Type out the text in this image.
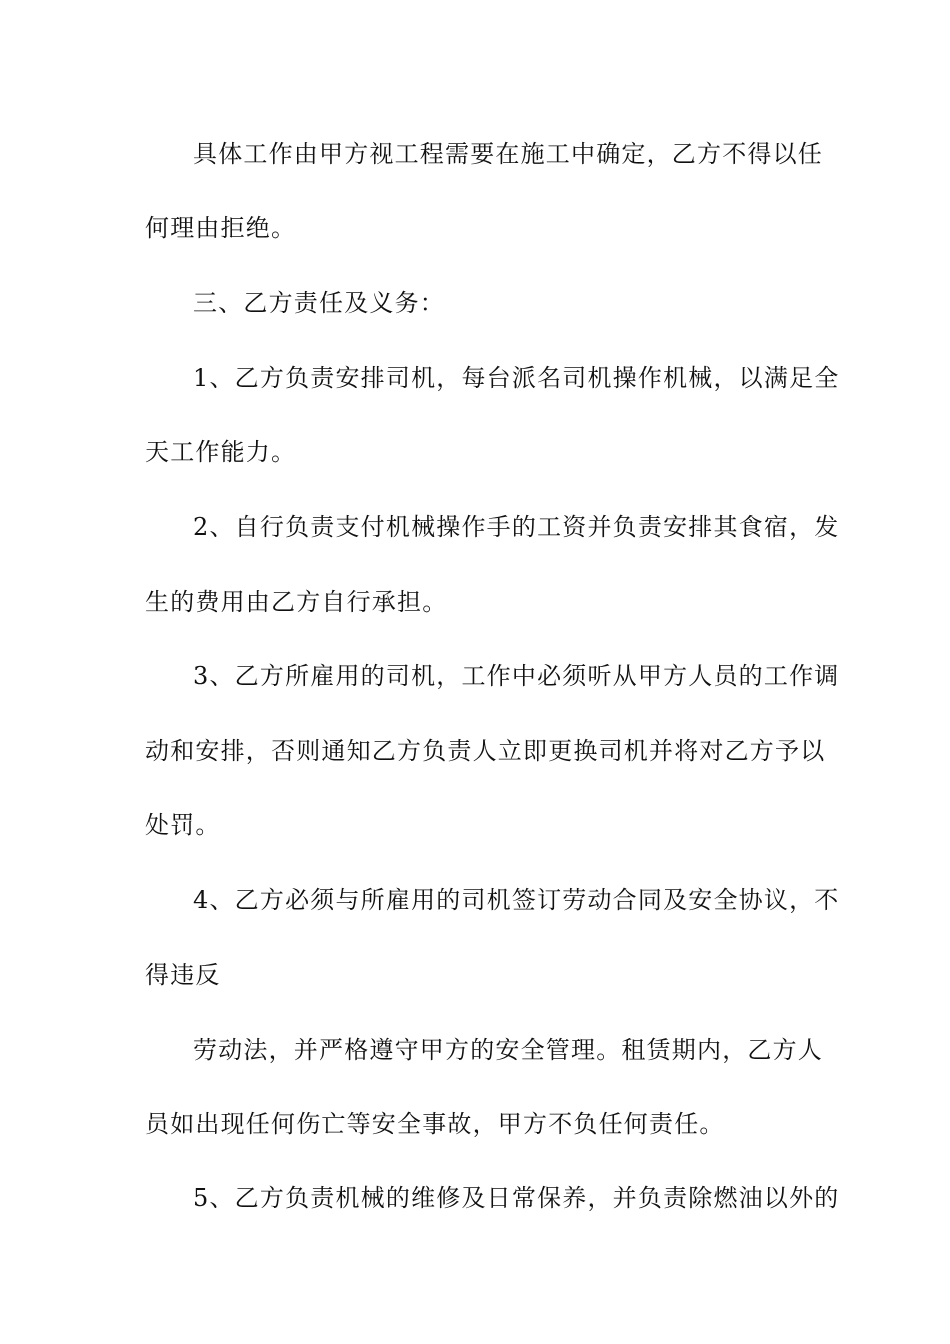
具体工作由甲方视工程需要在施工中确定，乙方不得以任
何理由拒绝。
三、乙方责任及义务：
1、乙方负责安排司机，每台派名司机操作机械，以满足全
天工作能力。
2、自行负责支付机械操作手的工资并负责安排其食宿，发
生的费用由乙方自行承担。
3、乙方所雇用的司机，工作中必须听从甲方人员的工作调
动和安排，否则通知乙方负责人立即更换司机并将对乙方予以
处罚。
4、乙方必须与所雇用的司机签订劳动合同及安全协议，不
得违反
劳动法，并严格遵守甲方的安全管理。租赁期内，乙方人
员如出现任何伤亡等安全事故，甲方不负任何责任。
5、乙方负责机械的维修及日常保养，并负责除燃油以外的
